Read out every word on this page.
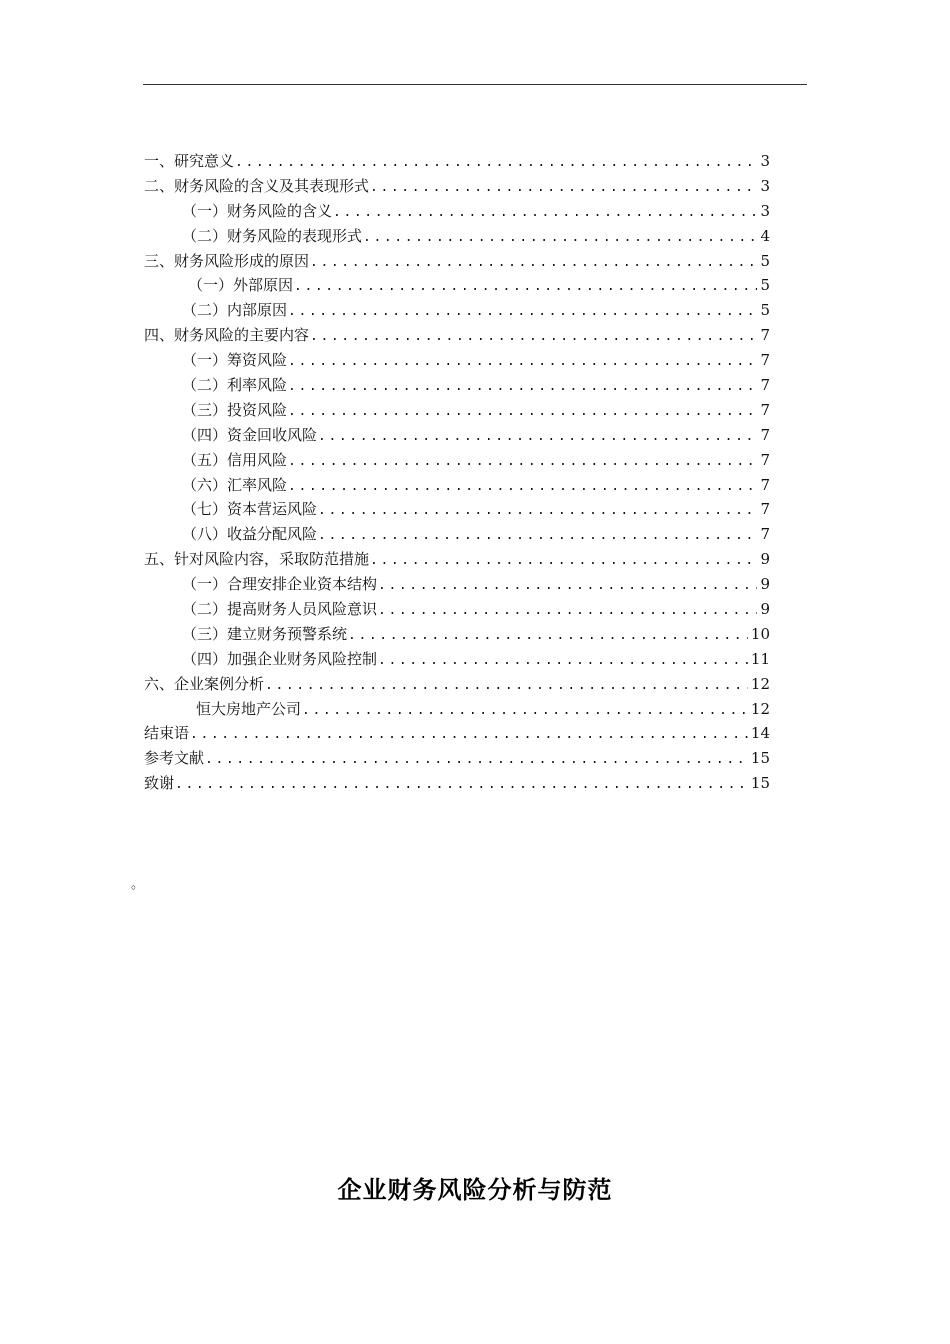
一、研究意义 .....	3
二、财务风险的含义及其表现形式 .....	3
（一）财务风险的含义 .....	3
（二）财务风险的表现形式 .....	4
三、财务风险形成的原因 .....	5
（一）外部原因 .....	5
（二）内部原因 .....	5
四、财务风险的主要内容 .....	7
（一）筹资风险 .....	7
（二）利率风险 .....	7
（三）投资风险 .....	7
（四）资金回收风险 .....	7
（五）信用风险 .....	7
（六）汇率风险 .....	7
（七）资本营运风险 .....	7
（八）收益分配风险 .....	7
五、针对风险内容，采取防范措施 .....	9
（一）合理安排企业资本结构 .....	9
（二）提高财务人员风险意识 .....	9
（三）建立财务预警系统 .....	10
（四）加强企业财务风险控制 .....	11
六、企业案例分析 .....	12
恒大房地产公司 .....	12
结束语 .....	14
参考文献 .....	15
致谢 .....	15
。
企业财务风险分析与防范
